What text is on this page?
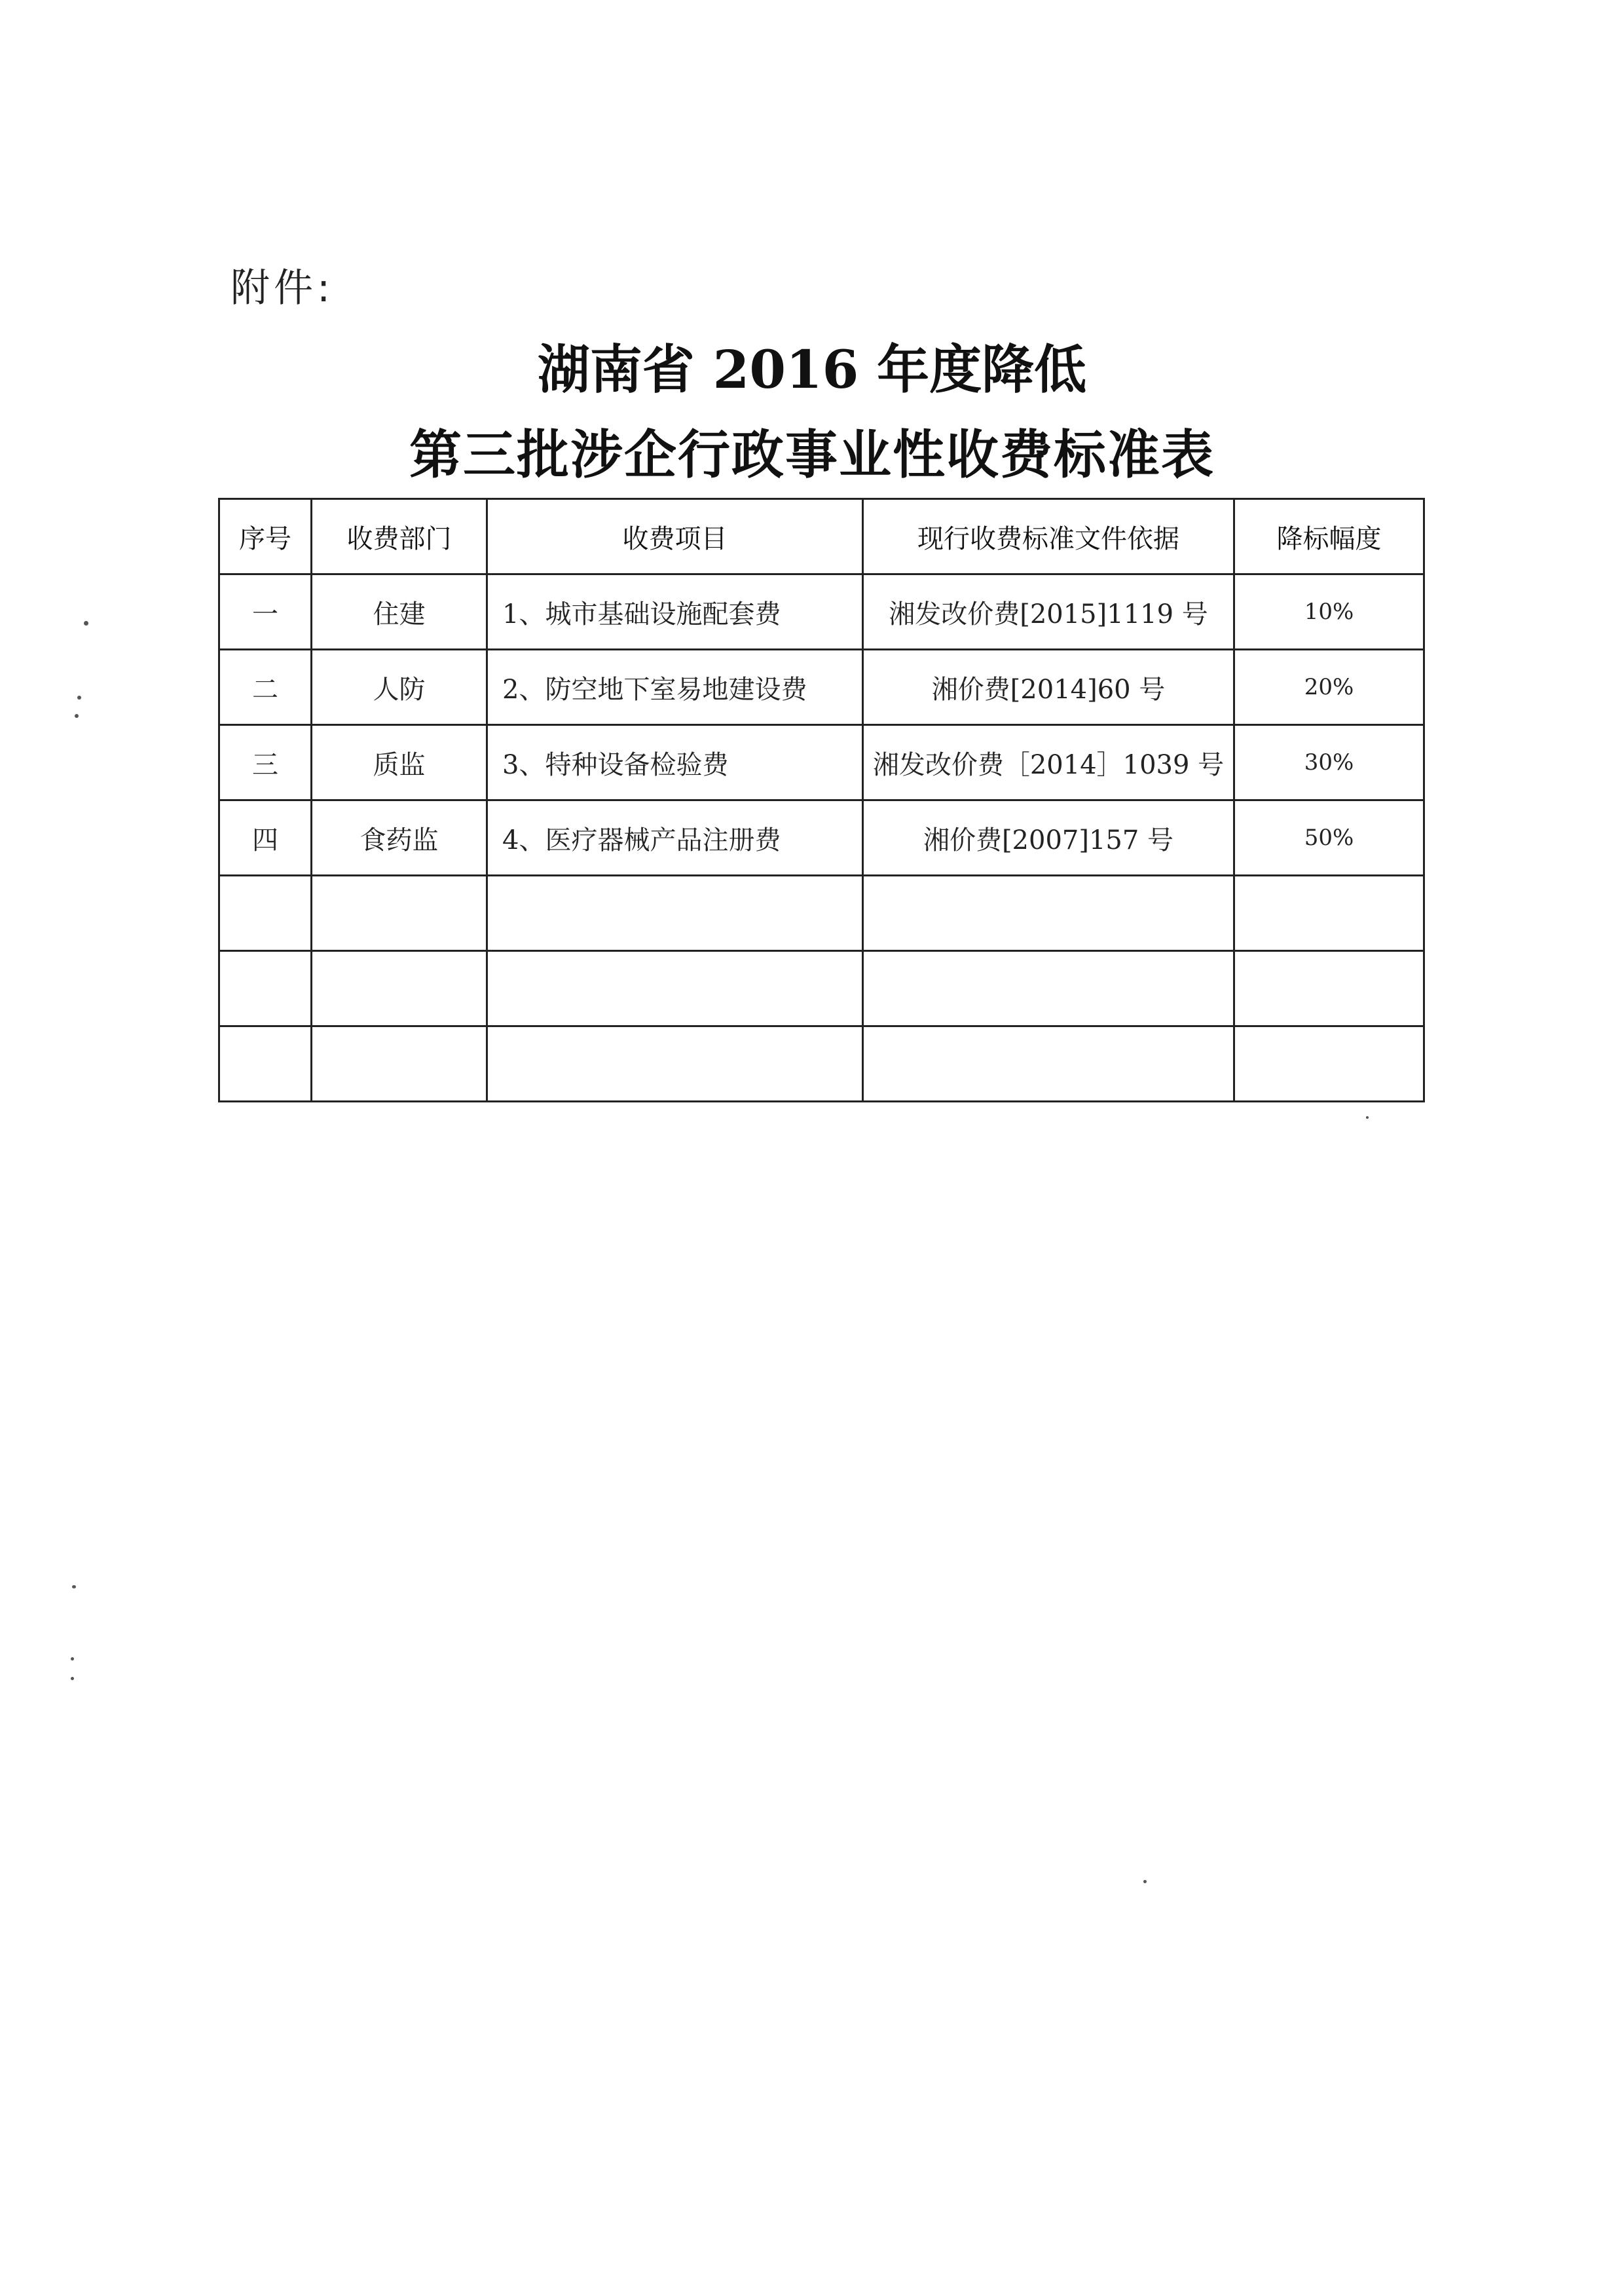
附件:
湖南省 2016 年度降低
第三批涉企行政事业性收费标准表
序号	收费部门	收费项目	现行收费标准文件依据	降标幅度
一	住建	1、城市基础设施配套费	湘发改价费[2015]1119 号	10%
二	人防	2、防空地下室易地建设费	湘价费[2014]60 号	20%
三	质监	3、特种设备检验费	湘发改价费［2014］1039 号	30%
四	食药监	4、医疗器械产品注册费	湘价费[2007]157 号	50%
